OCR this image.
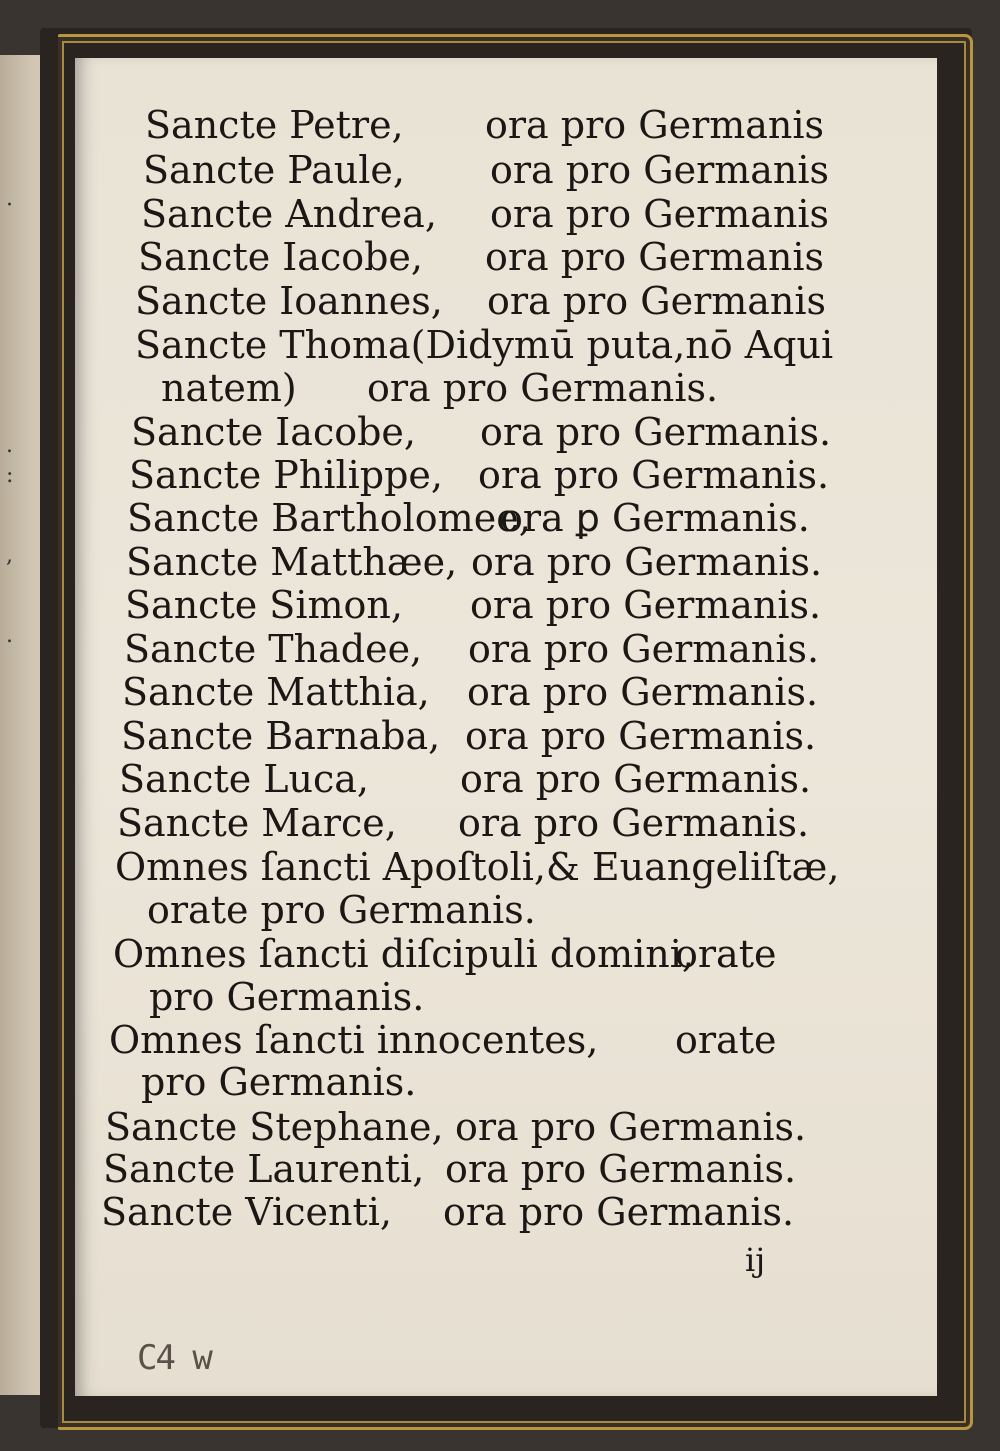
·
.
:
,
.
Sancte Petre, ora pro Germanis
Sancte Paule, ora pro Germanis
Sancte Andrea, ora pro Germanis
Sancte Iacobe, ora pro Germanis
Sancte Ioannes, ora pro Germanis
Sancte Thoma(Didymū puta,nō Aqui
natem) ora pro Germanis.
Sancte Iacobe, ora pro Germanis.
Sancte Philippe, ora pro Germanis.
Sancte Bartholomee,
ora ꝑ Germanis.
Sancte Matthæe, ora pro Germanis.
Sancte Simon, ora pro Germanis.
Sancte Thadee, ora pro Germanis.
Sancte Matthia, ora pro Germanis.
Sancte Barnaba, ora pro Germanis.
Sancte Luca, ora pro Germanis.
Sancte Marce, ora pro Germanis.
Omnes ſancti Apoſtoli,& Euangeliſtæ,
orate pro Germanis.
Omnes ſancti diſcipuli domini,
orate
pro Germanis.
Omnes ſancti innocentes, orate
pro Germanis.
Sancte Stephane, ora pro Germanis.
Sancte Laurenti, ora pro Germanis.
Sancte Vicenti, ora pro Germanis.
ij
C4 w
